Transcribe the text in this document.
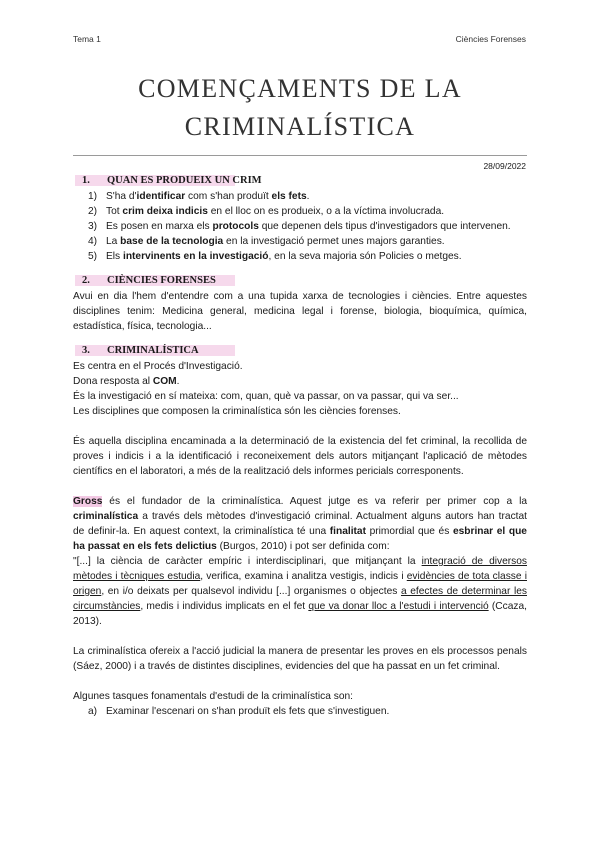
Tema 1	Ciències Forenses
COMENÇAMENTS DE LA
CRIMINALÍSTICA
28/09/2022
1. QUAN ES PRODUEIX UN CRIM
1) S'ha d'identificar com s'han produït els fets.
2) Tot crim deixa indicis en el lloc on es produeix, o a la víctima involucrada.
3) Es posen en marxa els protocols que depenen dels tipus d'investigadors que intervenen.
4) La base de la tecnologia en la investigació permet unes majors garanties.
5) Els intervinents en la investigació, en la seva majoria són Policies o metges.
2. CIÈNCIES FORENSES

Avui en dia l'hem d'entendre com a una tupida xarxa de tecnologies i ciències. Entre aquestes disciplines tenim: Medicina general, medicina legal i forense, biologia, bioquímica, química, estadística, física, tecnologia...

3. CRIMINALÍSTICA

Es centra en el Procés d'Investigació.

Dona resposta al COM.

És la investigació en sí mateixa: com, quan, què va passar, on va passar, qui va ser...

Les disciplines que composen la criminalística són les ciències forenses.

És aquella disciplina encaminada a la determinació de la existencia del fet criminal, la recollida de proves i indicis i a la identificació i reconeixement dels autors mitjançant l'aplicació de mètodes científics en el laboratori, a més de la realització dels informes pericials corresponents.

Gross és el fundador de la criminalística. Aquest jutge es va referir per primer cop a la criminalística a través dels mètodes d'investigació criminal. Actualment alguns autors han tractat de definir-la. En aquest context, la criminalística té una finalitat primordial que és esbrinar el que ha passat en els fets delictius (Burgos, 2010) i pot ser definida com:

"[...] la ciència de caràcter empíric i interdisciplinari, que mitjançant la integració de diversos mètodes i tècniques estudia, verifica, examina i analitza vestigis, indicis i evidències de tota classe i origen, en i/o deixats per qualsevol individu [...] organismes o objectes a efectes de determinar les circumstàncies, medis i individus implicats en el fet que va donar lloc a l'estudi i intervenció (Ccaza, 2013).

La criminalística ofereix a l'acció judicial la manera de presentar les proves en els processos penals (Sáez, 2000) i a través de distintes disciplines, evidencies del que ha passat en un fet criminal.

Algunes tasques fonamentals d'estudi de la criminalística son:

a) Examinar l'escenari on s'han produït els fets que s'investiguen.
